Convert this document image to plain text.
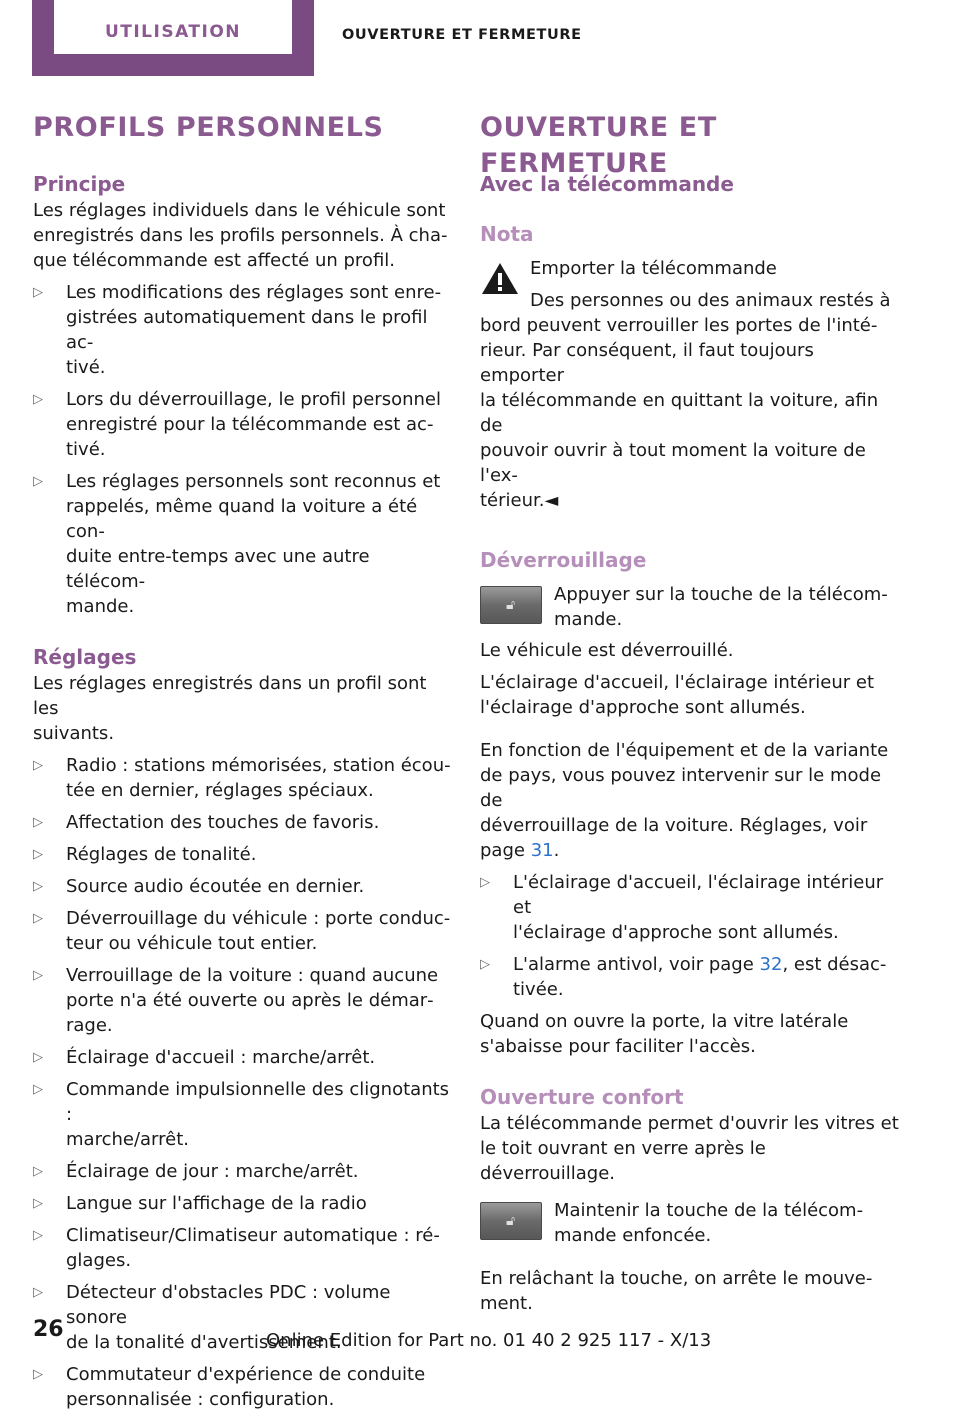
UTILISATION	OUVERTURE ET FERMETURE
PROFILS PERSONNELS
Principe

Les réglages individuels dans le véhicule sont

enregistrés dans les profils personnels. À cha‐

que télécommande est affecté un profil.

▷ Les modifications des réglages sont enre‐
gistrées automatiquement dans le profil ac‐
tivé.
▷ Lors du déverrouillage, le profil personnel
enregistré pour la télécommande est ac‐
tivé.
▷ Les réglages personnels sont reconnus et
rappelés, même quand la voiture a été con‐
duite entre-temps avec une autre télécom‐
mande.
Réglages

Les réglages enregistrés dans un profil sont les

suivants.

▷ Radio : stations mémorisées, station écou‐
tée en dernier, réglages spéciaux.
▷ Affectation des touches de favoris.
▷ Réglages de tonalité.
▷ Source audio écoutée en dernier.
▷ Déverrouillage du véhicule : porte conduc‐
teur ou véhicule tout entier.
▷ Verrouillage de la voiture : quand aucune
porte n'a été ouverte ou après le démar‐
rage.
▷ Éclairage d'accueil : marche/arrêt.
▷ Commande impulsionnelle des clignotants :
marche/arrêt.
▷ Éclairage de jour : marche/arrêt.
▷ Langue sur l'affichage de la radio
▷ Climatiseur/Climatiseur automatique : ré‐
glages.
▷ Détecteur d'obstacles PDC : volume sonore
de la tonalité d'avertissement.
▷ Commutateur d'expérience de conduite
personnalisée : configuration.
OUVERTURE ET FERMETURE
Avec la télécommande
Nota

Emporter la télécommande

Des personnes ou des animaux restés à

bord peuvent verrouiller les portes de l'inté‐

rieur. Par conséquent, il faut toujours emporter

la télécommande en quittant la voiture, afin de

pouvoir ouvrir à tout moment la voiture de l'ex‐

térieur.◄

Déverrouillage
🔓︎ Appuyer sur la touche de la télécom‐
mande.

Le véhicule est déverrouillé.

L'éclairage d'accueil, l'éclairage intérieur et

l'éclairage d'approche sont allumés.

En fonction de l'équipement et de la variante

de pays, vous pouvez intervenir sur le mode de

déverrouillage de la voiture. Réglages, voir

page 31.

▷ L'éclairage d'accueil, l'éclairage intérieur et
l'éclairage d'approche sont allumés.
▷ L'alarme antivol, voir page 32, est désac‐
tivée.

Quand on ouvre la porte, la vitre latérale

s'abaisse pour faciliter l'accès.

Ouverture confort

La télécommande permet d'ouvrir les vitres et

le toit ouvrant en verre après le déverrouillage.

🔓︎ Maintenir la touche de la télécom‐
mande enfoncée.

En relâchant la touche, on arrête le mouve‐

ment.

26	Online Edition for Part no. 01 40 2 925 117 - X/13
